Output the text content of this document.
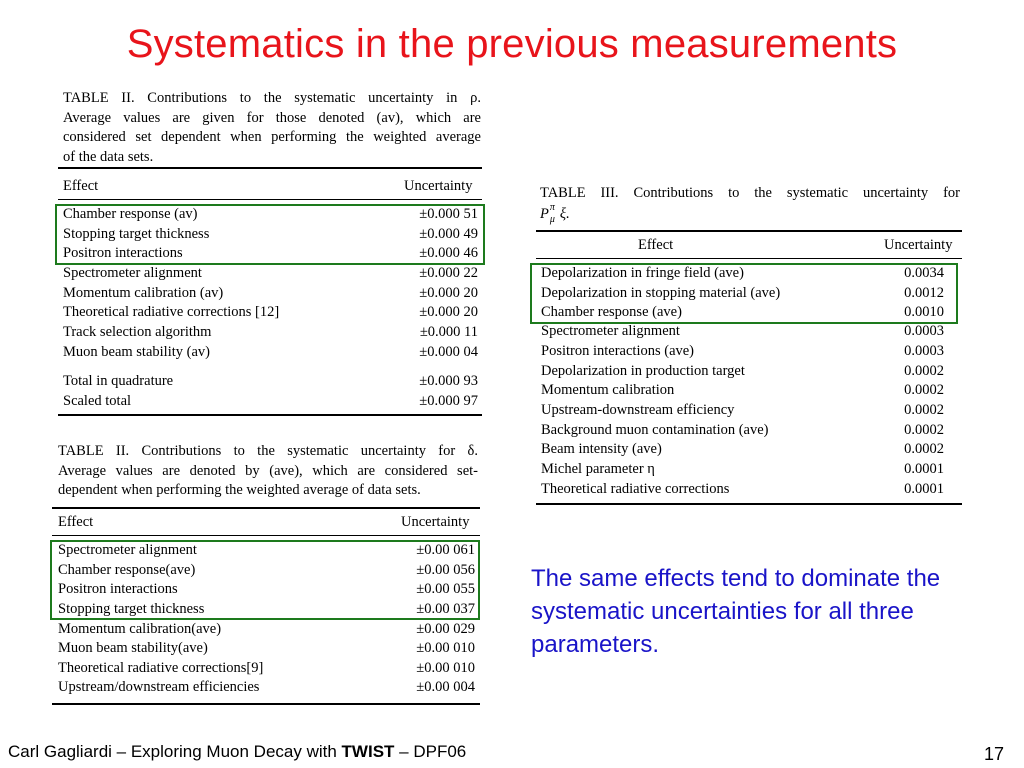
Systematics in the previous measurements
TABLE II. Contributions to the systematic uncertainty in ρ.
Average values are given for those denoted (av), which are
considered set dependent when performing the weighted average
of the data sets.
Effect	Uncertainty
Chamber response (av)	±0.000 51
Stopping target thickness	±0.000 49
Positron interactions	±0.000 46
Spectrometer alignment	±0.000 22
Momentum calibration (av)	±0.000 20
Theoretical radiative corrections [12]	±0.000 20
Track selection algorithm	±0.000 11
Muon beam stability (av)	±0.000 04
Total in quadrature	±0.000 93
Scaled total	±0.000 97
TABLE II. Contributions to the systematic uncertainty for δ.
Average values are denoted by (ave), which are considered set-
dependent when performing the weighted average of data sets.
Effect	Uncertainty
Spectrometer alignment	±0.00 061
Chamber response(ave)	±0.00 056
Positron interactions	±0.00 055
Stopping target thickness	±0.00 037
Momentum calibration(ave)	±0.00 029
Muon beam stability(ave)	±0.00 010
Theoretical radiative corrections[9]	±0.00 010
Upstream/downstream efficiencies	±0.00 004
TABLE III. Contributions to the systematic uncertainty for
P π
μ ξ.
Effect	Uncertainty
Depolarization in fringe field (ave)	0.0034
Depolarization in stopping material (ave)	0.0012
Chamber response (ave)	0.0010
Spectrometer alignment	0.0003
Positron interactions (ave)	0.0003
Depolarization in production target	0.0002
Momentum calibration	0.0002
Upstream-downstream efficiency	0.0002
Background muon contamination (ave)	0.0002
Beam intensity (ave)	0.0002
Michel parameter η	0.0001
Theoretical radiative corrections	0.0001
The same effects tend to dominate the systematic uncertainties for all three parameters.
Carl Gagliardi – Exploring Muon Decay with TWIST – DPF06	17
